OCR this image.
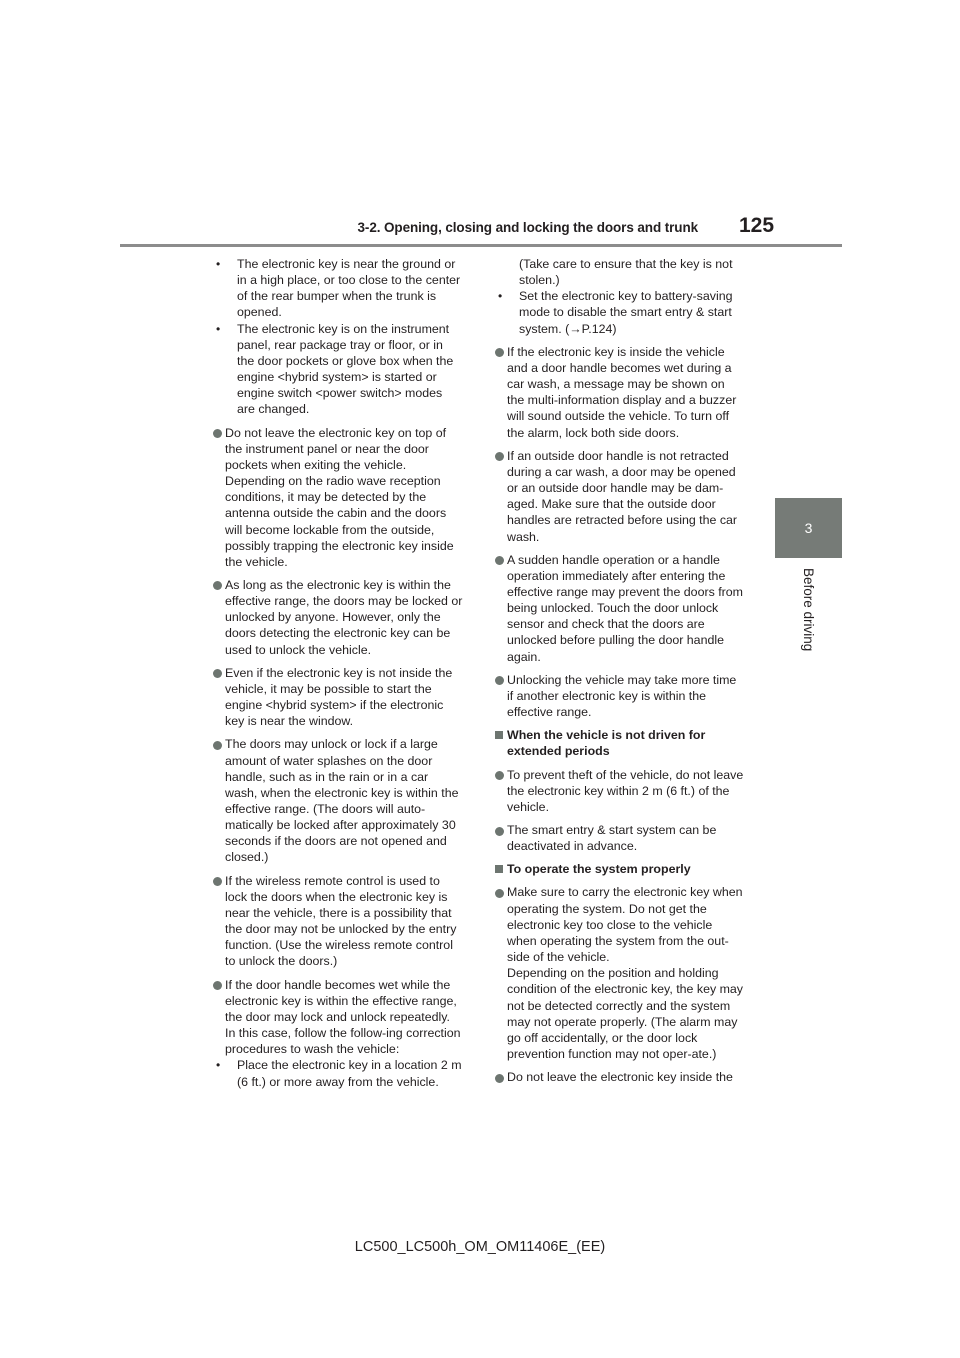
3-2. Opening, closing and locking the doors and trunk 125
3
Before driving
•	The electronic key is near the ground or in a high place, or too close to the center of the rear bumper when the trunk is opened.
•	The electronic key is on the instrument panel, rear package tray or floor, or in the door pockets or glove box when the engine <hybrid system> is started or engine switch <power switch> modes are changed.
Do not leave the electronic key on top of the instrument panel or near the door pockets when exiting the vehicle. Depending on the radio wave reception conditions, it may be detected by the antenna outside the cabin and the doors will become lockable from the outside, possibly trapping the electronic key inside the vehicle.
As long as the electronic key is within the effective range, the doors may be locked or unlocked by anyone. However, only the doors detecting the electronic key can be used to unlock the vehicle.
Even if the electronic key is not inside the vehicle, it may be possible to start the engine <hybrid system> if the electronic key is near the window.
The doors may unlock or lock if a large amount of water splashes on the door handle, such as in the rain or in a car wash, when the electronic key is within the effective range. (The doors will auto-matically be locked after approximately 30 seconds if the doors are not opened and closed.)
If the wireless remote control is used to lock the doors when the electronic key is near the vehicle, there is a possibility that the door may not be unlocked by the entry function. (Use the wireless remote control to unlock the doors.)
If the door handle becomes wet while the electronic key is within the effective range, the door may lock and unlock repeatedly. In this case, follow the follow-ing correction procedures to wash the vehicle:
•	Place the electronic key in a location 2 m (6 ft.) or more away from the vehicle.
(Take care to ensure that the key is not stolen.)
•	Set the electronic key to battery-saving mode to disable the smart entry & start system. (→P.124)
If the electronic key is inside the vehicle and a door handle becomes wet during a car wash, a message may be shown on the multi-information display and a buzzer will sound outside the vehicle. To turn off the alarm, lock both side doors.
If an outside door handle is not retracted during a car wash, a door may be opened or an outside door handle may be dam-aged. Make sure that the outside door handles are retracted before using the car wash.
A sudden handle operation or a handle operation immediately after entering the effective range may prevent the doors from being unlocked. Touch the door unlock sensor and check that the doors are unlocked before pulling the door handle again.
Unlocking the vehicle may take more time if another electronic key is within the effective range.
When the vehicle is not driven for extended periods
To prevent theft of the vehicle, do not leave the electronic key within 2 m (6 ft.) of the vehicle.
The smart entry & start system can be deactivated in advance.
To operate the system properly
Make sure to carry the electronic key when operating the system. Do not get the electronic key too close to the vehicle when operating the system from the out-side of the vehicle.
Depending on the position and holding condition of the electronic key, the key may not be detected correctly and the system may not operate properly. (The alarm may go off accidentally, or the door lock prevention function may not oper-ate.)
Do not leave the electronic key inside the
LC500_LC500h_OM_OM11406E_(EE)
